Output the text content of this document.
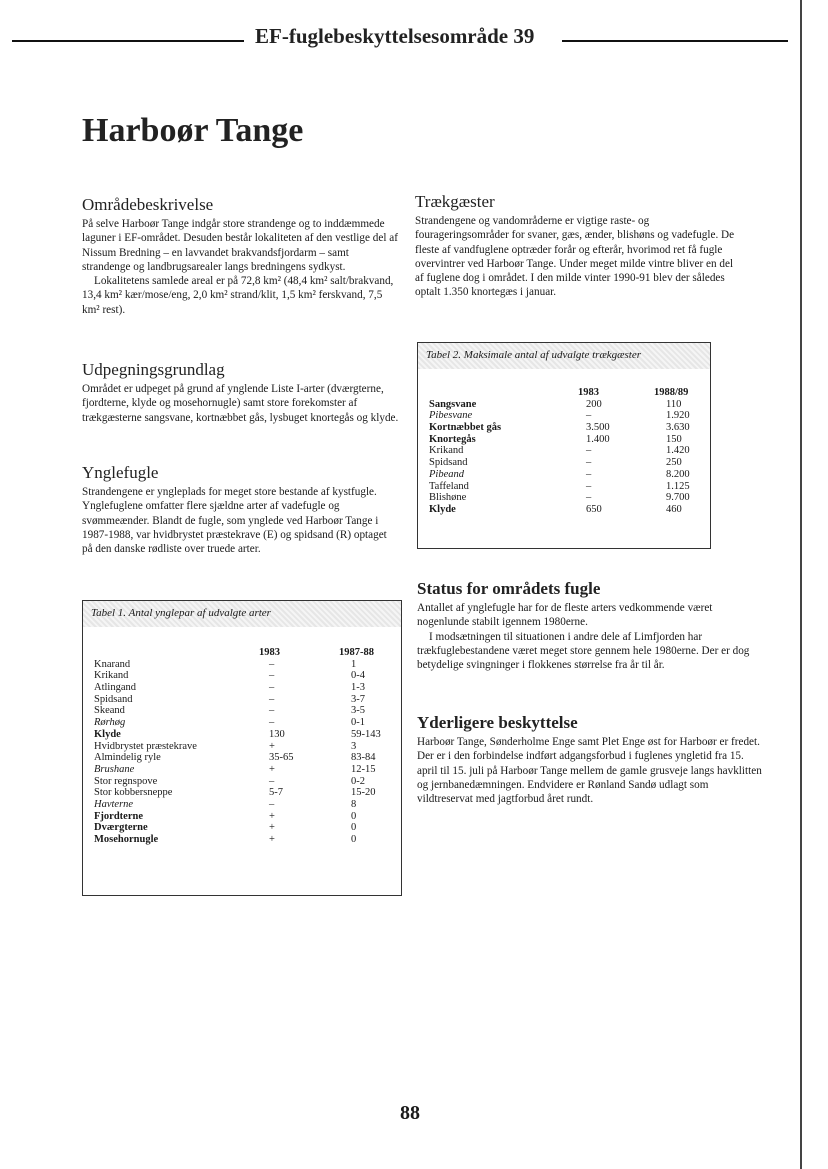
EF-fuglebeskyttelsesområde 39
Harboør Tange
Områdebeskrivelse
På selve Harboør Tange indgår store strandenge og to inddæmmede laguner i EF-området. Desuden består lokaliteten af den vestlige del af Nissum Bredning – en lavvandet brakvandsfjordarm – samt strandenge og landbrugsarealer langs bredningens sydkyst.
Lokalitetens samlede areal er på 72,8 km² (48,4 km² salt/brakvand, 13,4 km² kær/mose/eng, 2,0 km² strand/klit, 1,5 km² ferskvand, 7,5 km² rest).
Udpegningsgrundlag
Området er udpeget på grund af ynglende Liste I-arter (dværgterne, fjordterne, klyde og mosehornugle) samt store forekomster af trækgæsterne sangsvane, kortnæbbet gås, lysbuget knortegås og klyde.
Ynglefugle
Strandengene er yngleplads for meget store bestande af kystfugle. Ynglefuglene omfatter flere sjældne arter af vadefugle og svømmeænder. Blandt de fugle, som ynglede ved Harboør Tange i 1987-1988, var hvidbrystet præstekrave (E) og spidsand (R) optaget på den danske rødliste over truede arter.
Tabel 1. Antal ynglepar af udvalgte arter
1983	1987-88
Knarand	–	1
Krikand	–	0-4
Atlingand	–	1-3
Spidsand	–	3-7
Skeand	–	3-5
Rørhøg	–	0-1
Klyde	130	59-143
Hvidbrystet præstekrave	+	3
Almindelig ryle	35-65	83-84
Brushane	+	12-15
Stor regnspove	–	0-2
Stor kobbersneppe	5-7	15-20
Havterne	–	8
Fjordterne	+	0
Dværgterne	+	0
Mosehornugle	+	0
Trækgæster
Strandengene og vandområderne er vigtige raste- og fourageringsområder for svaner, gæs, ænder, blishøns og vadefugle. De fleste af vandfuglene optræder forår og efterår, hvorimod ret få fugle overvintrer ved Harboør Tange. Under meget milde vintre bliver en del af fuglene dog i området. I den milde vinter 1990-91 blev der således optalt 1.350 knortegæs i januar.
Tabel 2. Maksimale antal af udvalgte trækgæster
1983	1988/89
Sangsvane	200	110
Pibesvane	–	1.920
Kortnæbbet gås	3.500	3.630
Knortegås	1.400	150
Krikand	–	1.420
Spidsand	–	250
Pibeand	–	8.200
Taffeland	–	1.125
Blishøne	–	9.700
Klyde	650	460
Status for områdets fugle
Antallet af ynglefugle har for de fleste arters vedkommende været nogenlunde stabilt igennem 1980erne.
I modsætningen til situationen i andre dele af Limfjorden har trækfuglebestandene været meget store gennem hele 1980erne. Der er dog betydelige svingninger i flokkenes størrelse fra år til år.
Yderligere beskyttelse
Harboør Tange, Sønderholme Enge samt Plet Enge øst for Harboør er fredet. Der er i den forbindelse indført adgangsforbud i fuglenes yngletid fra 15. april til 15. juli på Harboør Tange mellem de gamle grusveje langs havklitten og jernbanedæmningen. Endvidere er Rønland Sandø udlagt som vildtreservat med jagtforbud året rundt.
88
